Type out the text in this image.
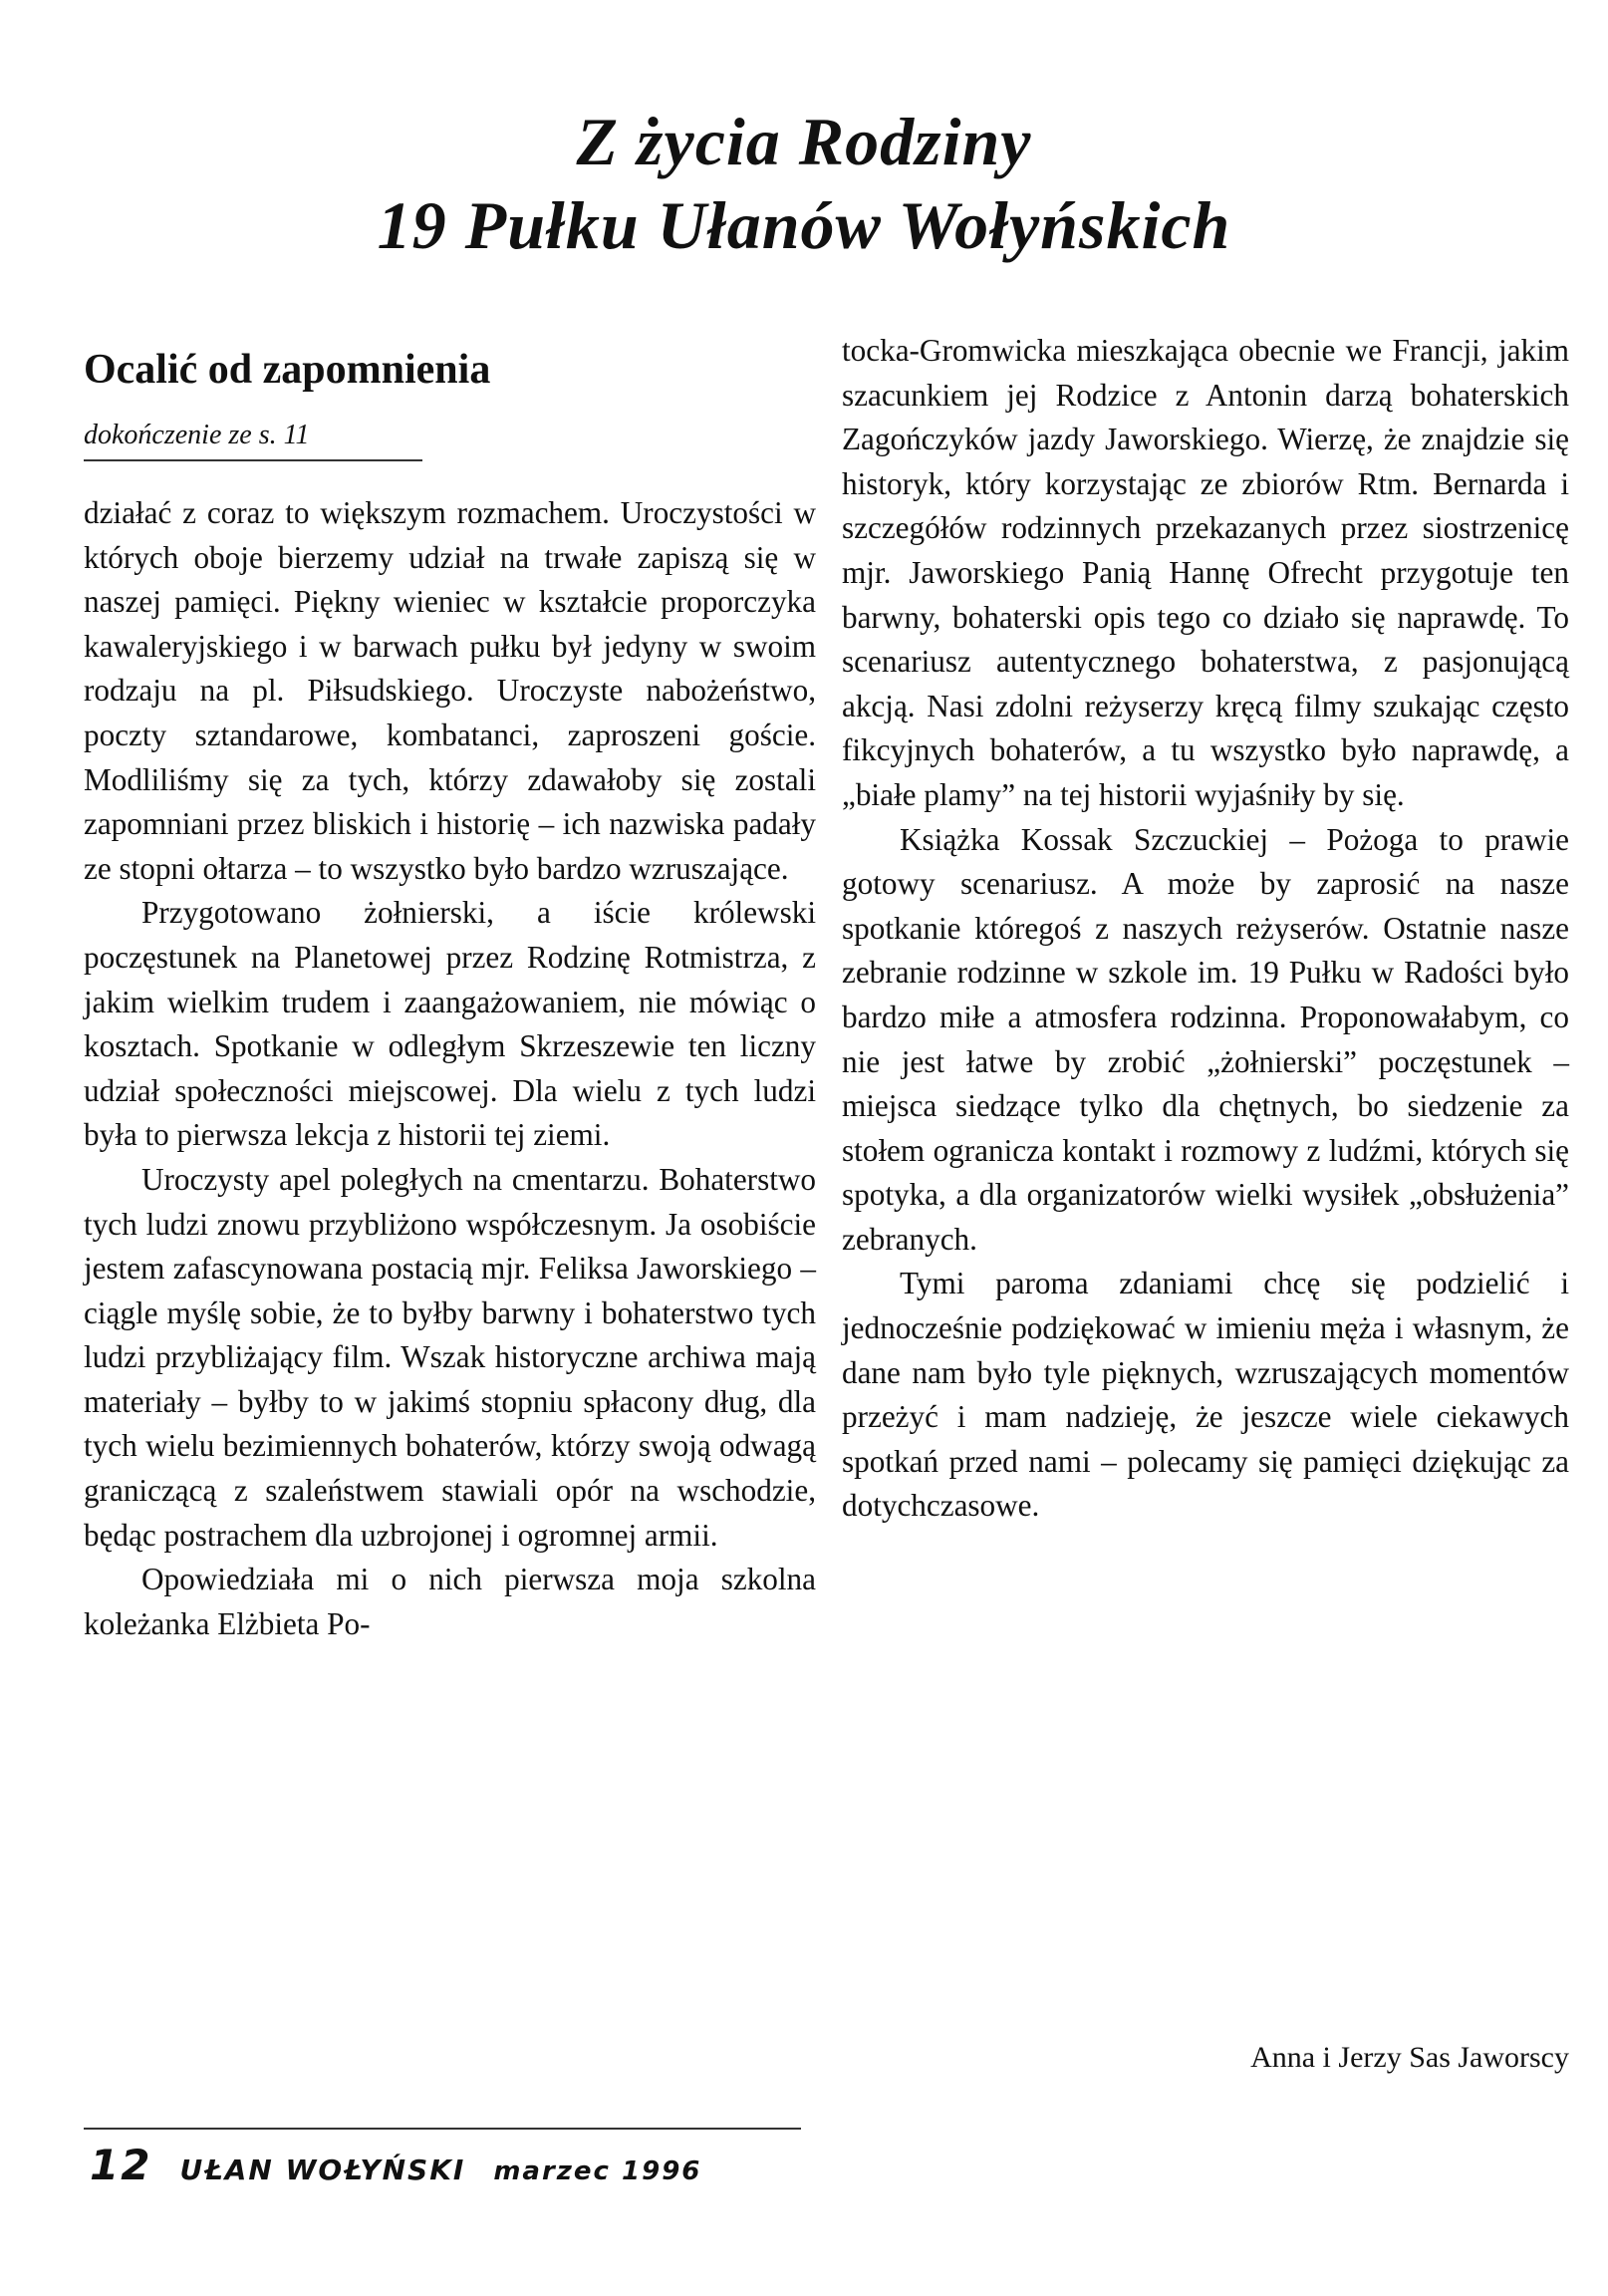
Z życia Rodziny
19 Pułku Ułanów Wołyńskich
Ocalić od zapomnienia
dokończenie ze s. 11

działać z coraz to większym rozmachem. Uroczystości w których oboje bierzemy udział na trwałe zapiszą się w naszej pamięci. Piękny wieniec w kształcie proporczyka kawaleryjskiego i w barwach pułku był jedyny w swoim rodzaju na pl. Piłsudskiego. Uroczyste nabożeństwo, poczty sztandarowe, kombatanci, zaproszeni goście. Modliliśmy się za tych, którzy zdawałoby się zostali zapomniani przez bliskich i historię – ich nazwiska padały ze stopni ołtarza – to wszystko było bardzo wzruszające.

Przygotowano żołnierski, a iście królewski poczęstunek na Planetowej przez Rodzinę Rotmistrza, z jakim wielkim trudem i zaangażowaniem, nie mówiąc o kosztach. Spotkanie w odległym Skrzeszewie ten liczny udział społeczności miejscowej. Dla wielu z tych ludzi była to pierwsza lekcja z historii tej ziemi.

Uroczysty apel poległych na cmentarzu. Bohaterstwo tych ludzi znowu przybliżono współczesnym. Ja osobiście jestem zafascynowana postacią mjr. Feliksa Jaworskiego – ciągle myślę sobie, że to byłby barwny i bohaterstwo tych ludzi przybliżający film. Wszak historyczne archiwa mają materiały – byłby to w jakimś stopniu spłacony dług, dla tych wielu bezimiennych bohaterów, którzy swoją odwagą graniczącą z szaleństwem stawiali opór na wschodzie, będąc postrachem dla uzbrojonej i ogromnej armii.

Opowiedziała mi o nich pierwsza moja szkolna koleżanka Elżbieta Po-

tocka-Gromwicka mieszkająca obecnie we Francji, jakim szacunkiem jej Rodzice z Antonin darzą bohaterskich Zagończyków jazdy Jaworskiego. Wierzę, że znajdzie się historyk, który korzystając ze zbiorów Rtm. Bernarda i szczegółów rodzinnych przekazanych przez siostrzenicę mjr. Jaworskiego Panią Hannę Ofrecht przygotuje ten barwny, bohaterski opis tego co działo się naprawdę. To scenariusz autentycznego bohaterstwa, z pasjonującą akcją. Nasi zdolni reżyserzy kręcą filmy szukając często fikcyjnych bohaterów, a tu wszystko było naprawdę, a „białe plamy” na tej historii wyjaśniły by się.

Książka Kossak Szczuckiej – Pożoga to prawie gotowy scenariusz. A może by zaprosić na nasze spotkanie któregoś z naszych reżyserów. Ostatnie nasze zebranie rodzinne w szkole im. 19 Pułku w Radości było bardzo miłe a atmosfera rodzinna. Proponowałabym, co nie jest łatwe by zrobić „żołnierski” poczęstunek – miejsca siedzące tylko dla chętnych, bo siedzenie za stołem ogranicza kontakt i rozmowy z ludźmi, których się spotyka, a dla organizatorów wielki wysiłek „obsłużenia” zebranych.

Tymi paroma zdaniami chcę się podzielić i jednocześnie podziękować w imieniu męża i własnym, że dane nam było tyle pięknych, wzruszających momentów przeżyć i mam nadzieję, że jeszcze wiele ciekawych spotkań przed nami – polecamy się pamięci dziękując za dotychczasowe.

Anna i Jerzy Sas Jaworscy
12 UŁAN WOŁYŃSKI marzec 1996
